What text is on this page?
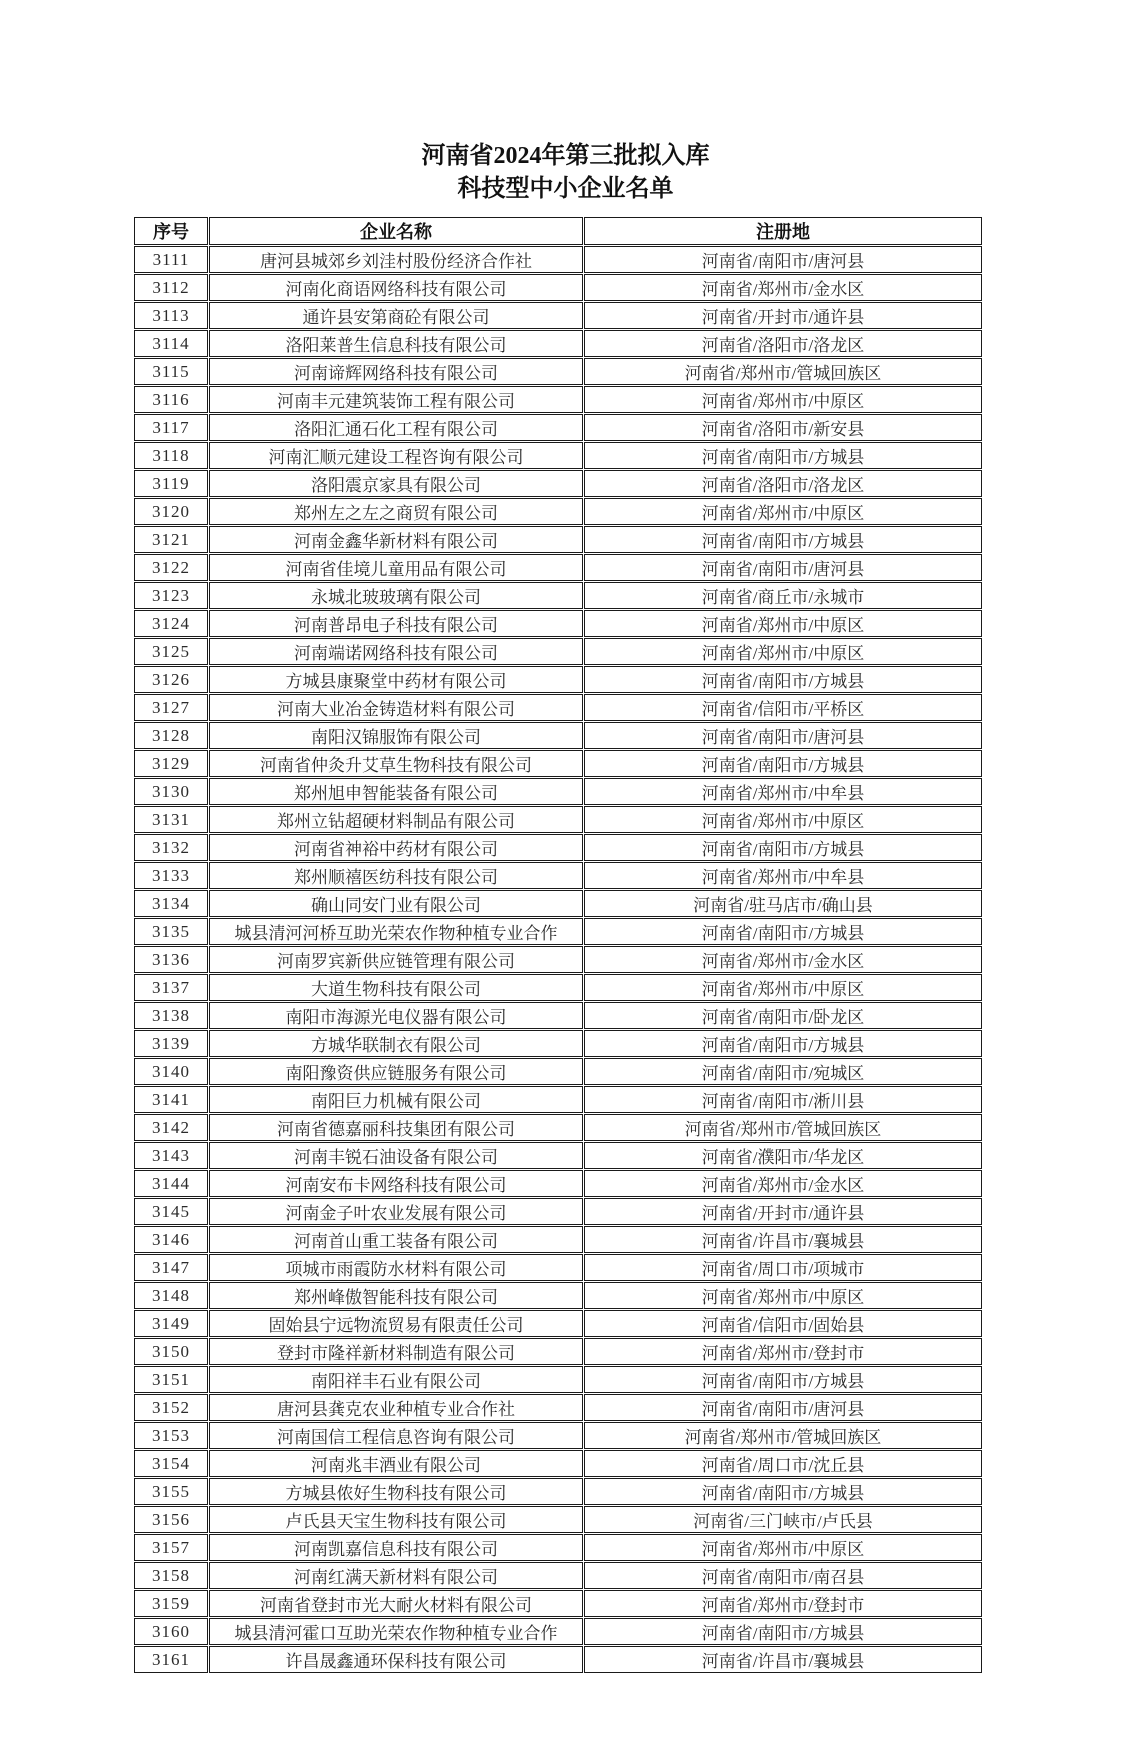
河南省2024年第三批拟入库
科技型中小企业名单
序号	企业名称	注册地
3111	唐河县城郊乡刘洼村股份经济合作社	河南省/南阳市/唐河县
3112	河南化商语网络科技有限公司	河南省/郑州市/金水区
3113	通许县安第商砼有限公司	河南省/开封市/通许县
3114	洛阳莱普生信息科技有限公司	河南省/洛阳市/洛龙区
3115	河南谛辉网络科技有限公司	河南省/郑州市/管城回族区
3116	河南丰元建筑装饰工程有限公司	河南省/郑州市/中原区
3117	洛阳汇通石化工程有限公司	河南省/洛阳市/新安县
3118	河南汇顺元建设工程咨询有限公司	河南省/南阳市/方城县
3119	洛阳震京家具有限公司	河南省/洛阳市/洛龙区
3120	郑州左之左之商贸有限公司	河南省/郑州市/中原区
3121	河南金鑫华新材料有限公司	河南省/南阳市/方城县
3122	河南省佳境儿童用品有限公司	河南省/南阳市/唐河县
3123	永城北玻玻璃有限公司	河南省/商丘市/永城市
3124	河南普昂电子科技有限公司	河南省/郑州市/中原区
3125	河南端诺网络科技有限公司	河南省/郑州市/中原区
3126	方城县康聚堂中药材有限公司	河南省/南阳市/方城县
3127	河南大业冶金铸造材料有限公司	河南省/信阳市/平桥区
3128	南阳汉锦服饰有限公司	河南省/南阳市/唐河县
3129	河南省仲灸升艾草生物科技有限公司	河南省/南阳市/方城县
3130	郑州旭申智能装备有限公司	河南省/郑州市/中牟县
3131	郑州立钻超硬材料制品有限公司	河南省/郑州市/中原区
3132	河南省神裕中药材有限公司	河南省/南阳市/方城县
3133	郑州顺禧医纺科技有限公司	河南省/郑州市/中牟县
3134	确山同安门业有限公司	河南省/驻马店市/确山县
3135	城县清河河桥互助光荣农作物种植专业合作	河南省/南阳市/方城县
3136	河南罗宾新供应链管理有限公司	河南省/郑州市/金水区
3137	大道生物科技有限公司	河南省/郑州市/中原区
3138	南阳市海源光电仪器有限公司	河南省/南阳市/卧龙区
3139	方城华联制衣有限公司	河南省/南阳市/方城县
3140	南阳豫资供应链服务有限公司	河南省/南阳市/宛城区
3141	南阳巨力机械有限公司	河南省/南阳市/淅川县
3142	河南省德嘉丽科技集团有限公司	河南省/郑州市/管城回族区
3143	河南丰锐石油设备有限公司	河南省/濮阳市/华龙区
3144	河南安布卡网络科技有限公司	河南省/郑州市/金水区
3145	河南金子叶农业发展有限公司	河南省/开封市/通许县
3146	河南首山重工装备有限公司	河南省/许昌市/襄城县
3147	项城市雨霞防水材料有限公司	河南省/周口市/项城市
3148	郑州峰傲智能科技有限公司	河南省/郑州市/中原区
3149	固始县宁远物流贸易有限责任公司	河南省/信阳市/固始县
3150	登封市隆祥新材料制造有限公司	河南省/郑州市/登封市
3151	南阳祥丰石业有限公司	河南省/南阳市/方城县
3152	唐河县龚克农业种植专业合作社	河南省/南阳市/唐河县
3153	河南国信工程信息咨询有限公司	河南省/郑州市/管城回族区
3154	河南兆丰酒业有限公司	河南省/周口市/沈丘县
3155	方城县侬好生物科技有限公司	河南省/南阳市/方城县
3156	卢氏县天宝生物科技有限公司	河南省/三门峡市/卢氏县
3157	河南凯嘉信息科技有限公司	河南省/郑州市/中原区
3158	河南红满天新材料有限公司	河南省/南阳市/南召县
3159	河南省登封市光大耐火材料有限公司	河南省/郑州市/登封市
3160	城县清河霍口互助光荣农作物种植专业合作	河南省/南阳市/方城县
3161	许昌晟鑫通环保科技有限公司	河南省/许昌市/襄城县
